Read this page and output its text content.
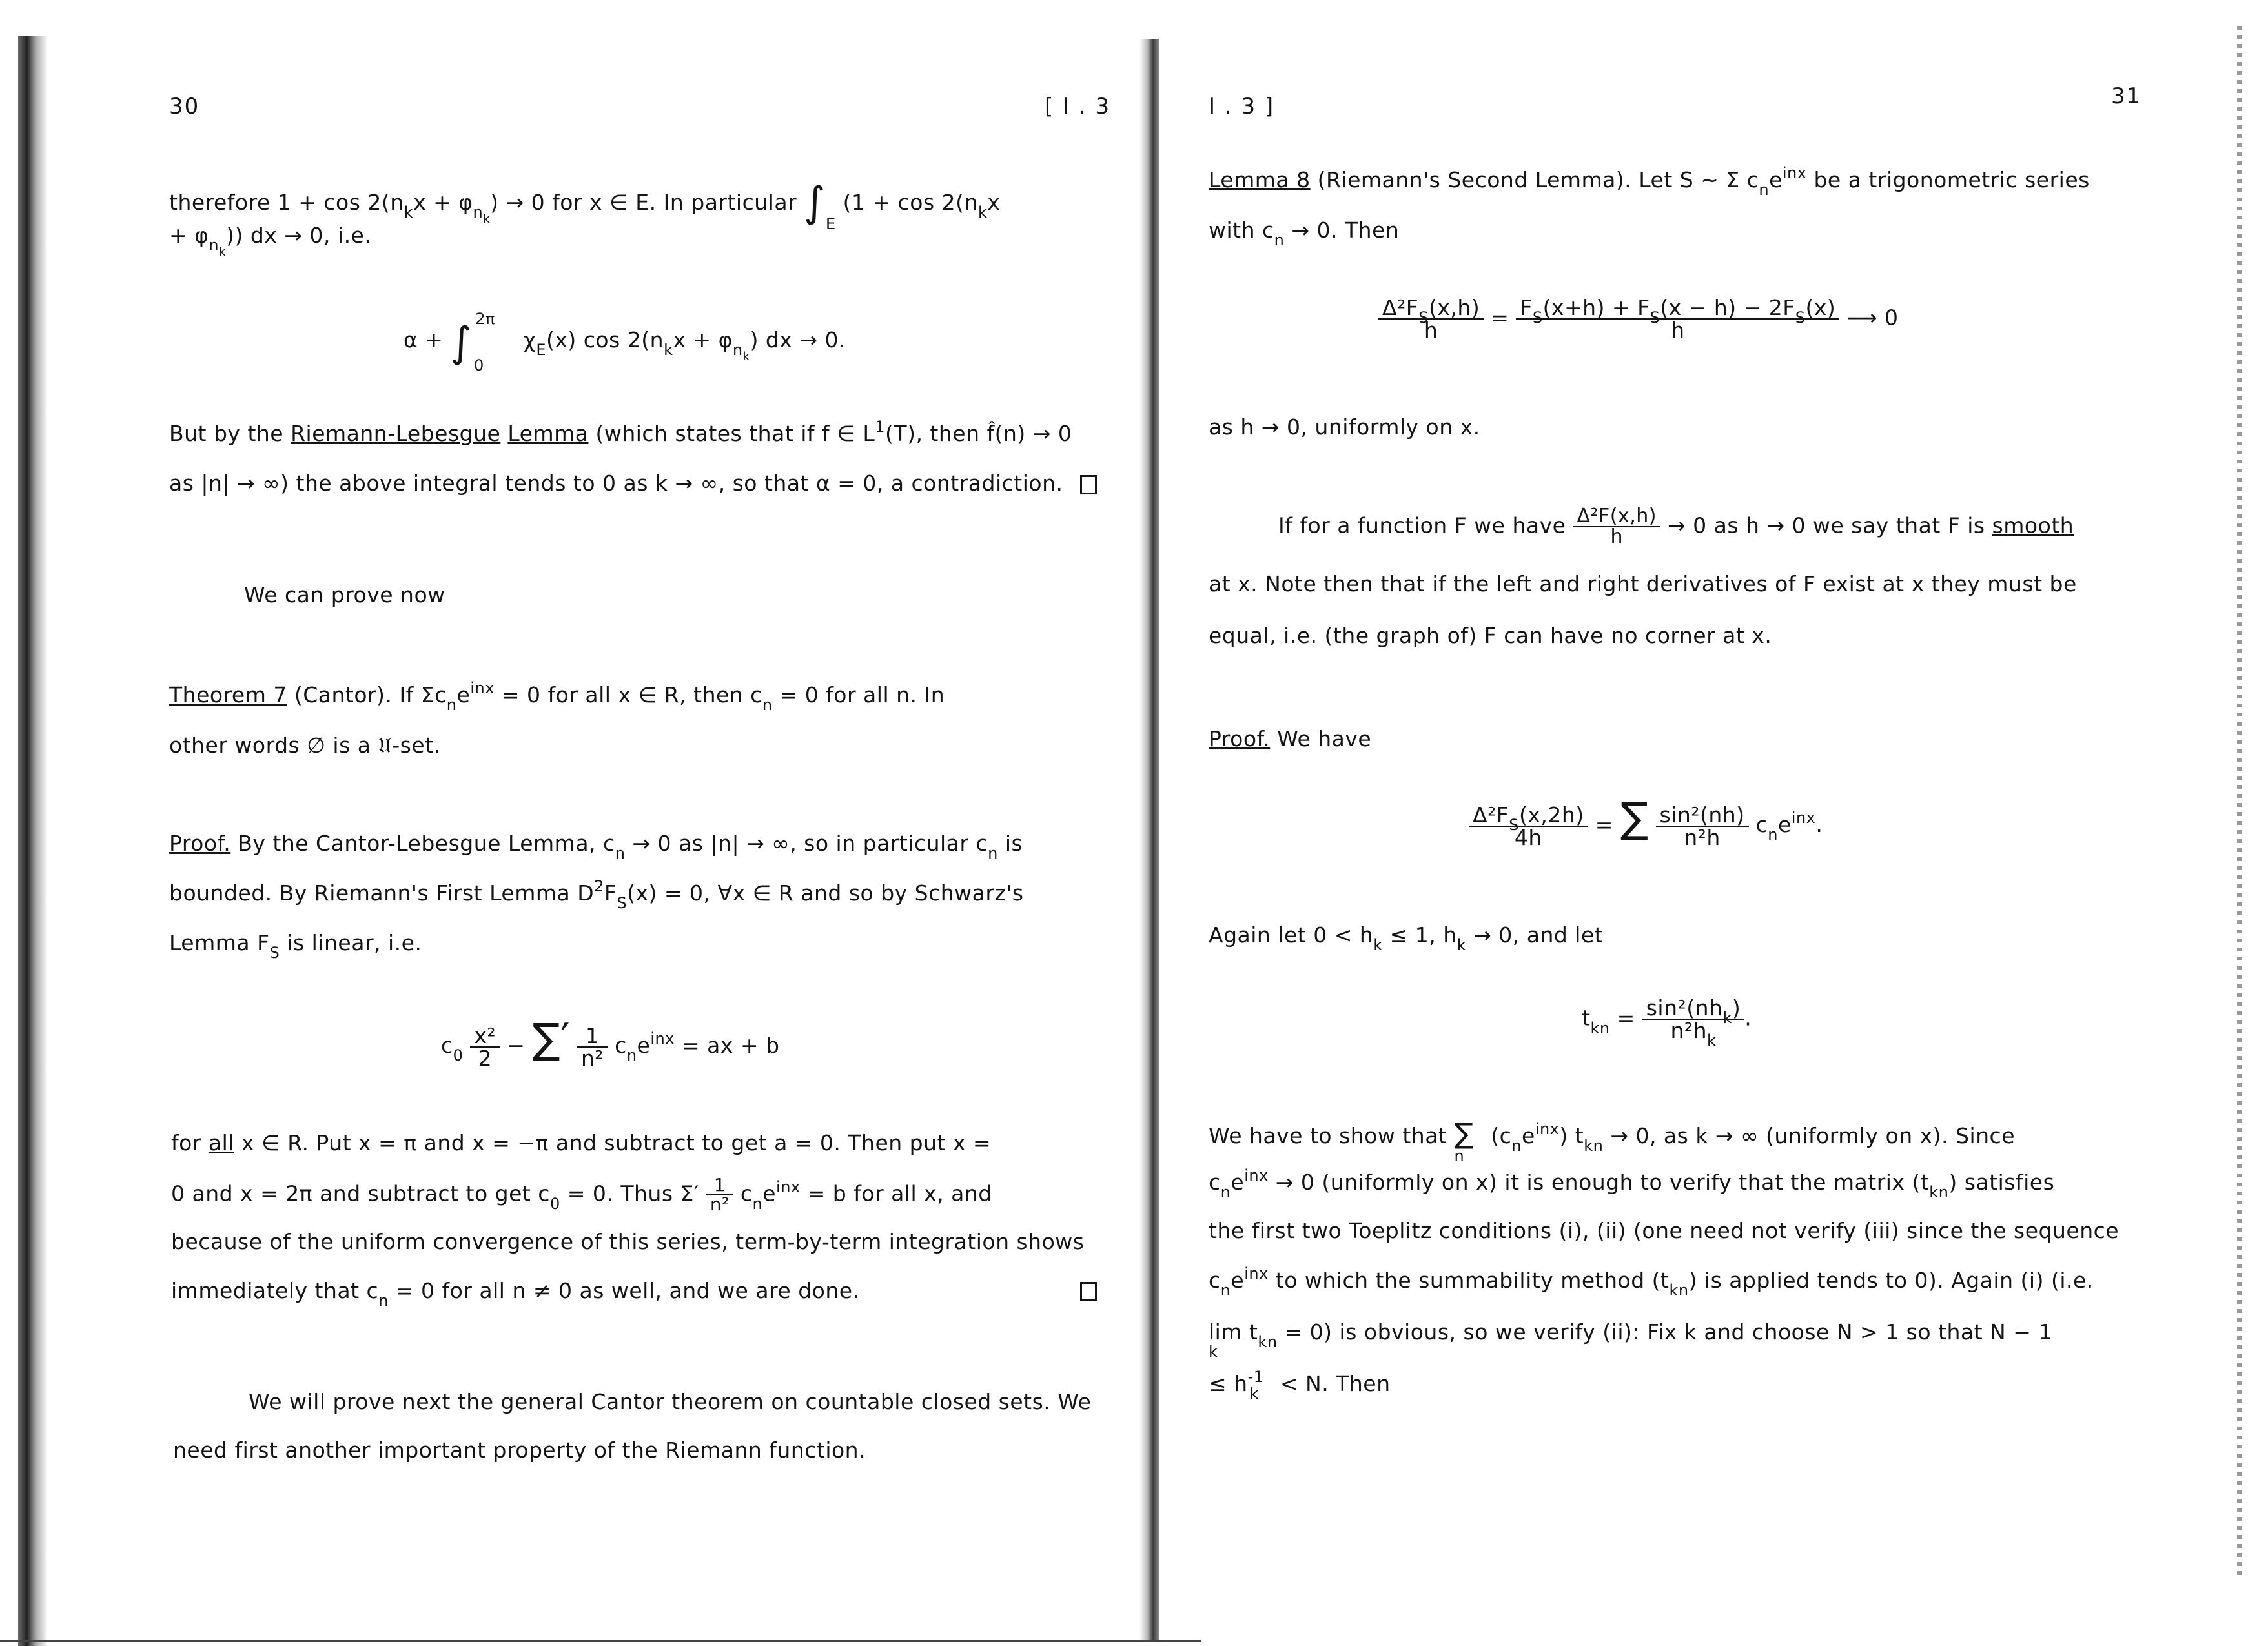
30	[ I . 3
therefore $1 + \cos 2(n_kx + \varphi_{nk}) \to 0$ for x ∈ E. In particular $\int_E$ ($1 + \cos 2(n_kx$
+ $\varphi_{nk}$)) dx → 0, i.e.
α + ∫ $^{2\pi}$ $_0$ $\chi_E(x)$ $\cos 2(n_kx + \varphi_{nk})$ dx → 0.
But by the Riemann-Lebesgue Lemma (which states that if f ∈ $L^1(T)$, then f̂(n) → 0
as |n| → ∞) the above integral tends to 0 as k → ∞, so that α = 0, a contradiction.
We can prove now
Theorem 7 (Cantor). If $\Sigma c_ne^{inx} = 0$ for all x ∈ R, then $c_n = 0$ for all n. In
other words ∅ is a 𝔘-set.
Proof. By the Cantor-Lebesgue Lemma, $c_n \to 0$ as |n| → ∞, so in particular $c_n$ is
bounded. By Riemann's First Lemma $D^2F_S(x) = 0$, ∀x ∈ R and so by Schwarz's
Lemma $F_S$ is linear, i.e.
$c_0 \frac{\text{x²}}{2}$ − ∑′ $\frac{1}{\text{n²}} c_ne^{inx}$ = ax + b
for all x ∈ R. Put x = π and x = −π and subtract to get a = 0. Then put x =
0 and x = 2π and subtract to get $c_0 = 0$. Thus $\Sigma' \frac{1}{\text{n²}} c_ne^{inx} = b$ for all x, and
because of the uniform convergence of this series, term-by-term integration shows
immediately that $c_n = 0$ for all n ≠ 0 as well, and we are done.
We will prove next the general Cantor theorem on countable closed sets. We
need first another important property of the Riemann function.
I . 3 ]	31
Lemma 8 (Riemann's Second Lemma). Let S ∼ Σ $c_ne^{inx}$ be a trigonometric series
with $c_n \to 0$. Then
$\frac{\Delta^2F_S(x,h)}{h} = \frac{F_S(x+h) + F_S(x - h) - 2F_S(x)}{h}$ ⟶ 0
as h → 0, uniformly on x.
If for a function F we have $\frac{\text{Δ²F(x,h)}}{h} \to 0$ as h → 0 we say that F is smooth
at x. Note then that if the left and right derivatives of F exist at x they must be
equal, i.e. (the graph of) F can have no corner at x.
Proof. We have
$\frac{\Delta^2F_S(x,2h)}{4h}$ = ∑ $\frac{\text{sin²(nh)}}{\text{n²h}} c_ne^{inx}$.
Again let $0 < h_k \le 1$, $h_k \to 0$, and let
$t_{kn} = \frac{\sin^2(nh_k)}{n^2h_k}$ .
We have to show that $\sum_n$ $(c_ne^{inx}) t_{kn} \to 0$, as k → ∞ (uniformly on x). Since
$c_ne^{inx} \to 0$ (uniformly on x) it is enough to verify that the matrix $(t_{kn})$ satisfies
the first two Toeplitz conditions (i), (ii) (one need not verify (iii) since the sequence
$c_ne^{inx}$ to which the summability method $(t_{kn})$ is applied tends to 0). Again (i) (i.e.
$\lim t_{kn} = 0$) is obvious, so we verify (ii): Fix k and choose N > 1 so that N − 1
k
≤ $h^{-1}_k < N$. Then
